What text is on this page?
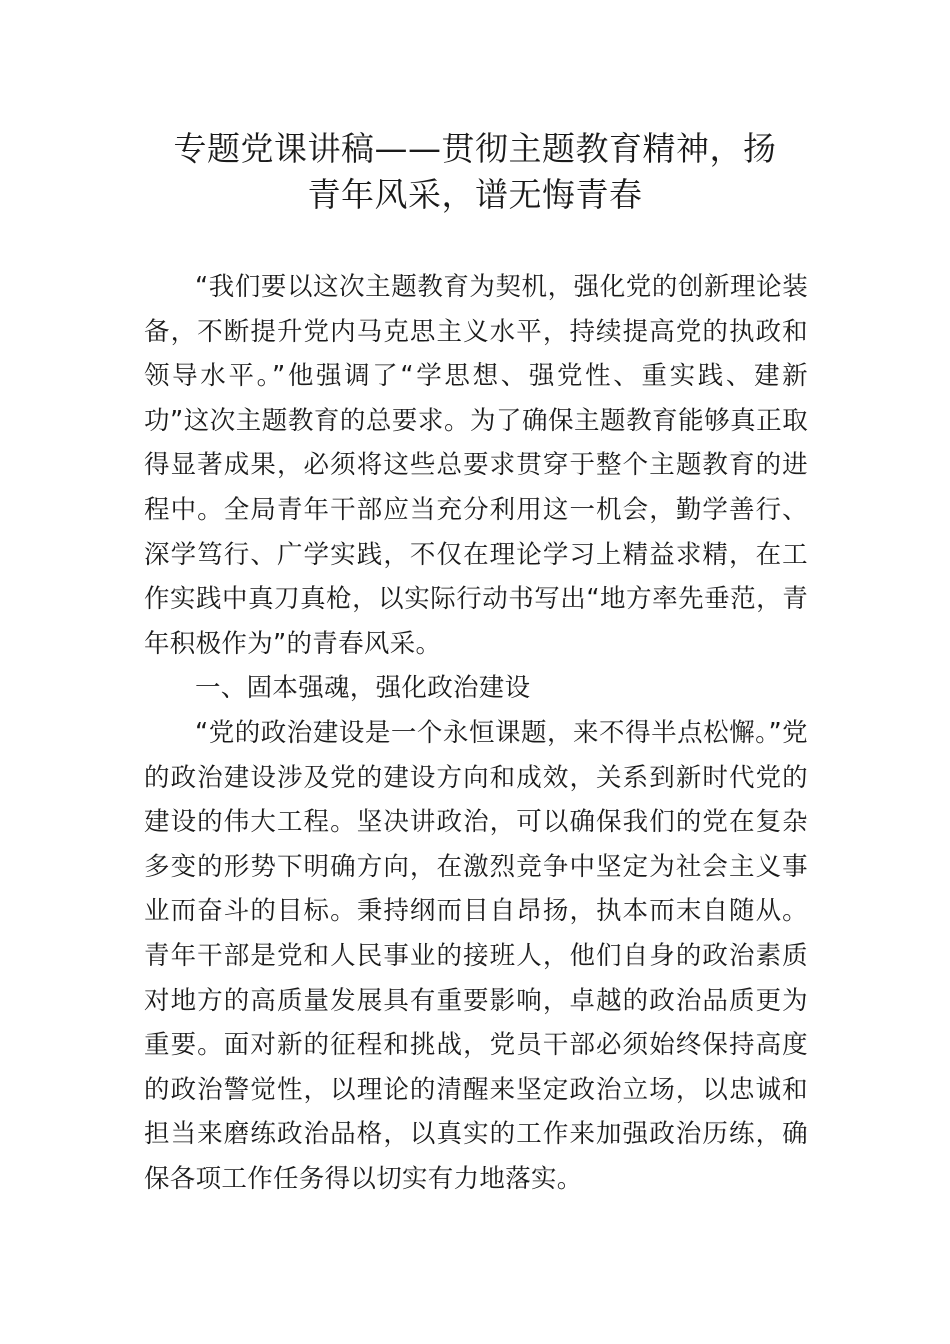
专题党课讲稿——贯彻主题教育精神，扬
青年风采，谱无悔青春

“我们要以这次主题教育为契机，强化党的创新理论装备，不断提升党内马克思主义水平，持续提高党的执政和领导水平。”他强调了“学思想、强党性、重实践、建新功”这次主题教育的总要求。为了确保主题教育能够真正取得显著成果，必须将这些总要求贯穿于整个主题教育的进程中。全局青年干部应当充分利用这一机会，勤学善行、深学笃行、广学实践，不仅在理论学习上精益求精，在工作实践中真刀真枪，以实际行动书写出“地方率先垂范，青年积极作为”的青春风采。

一、固本强魂，强化政治建设

“党的政治建设是一个永恒课题，来不得半点松懈。”党的政治建设涉及党的建设方向和成效，关系到新时代党的建设的伟大工程。坚决讲政治，可以确保我们的党在复杂多变的形势下明确方向，在激烈竞争中坚定为社会主义事业而奋斗的目标。秉持纲而目自昂扬，执本而末自随从。青年干部是党和人民事业的接班人，他们自身的政治素质对地方的高质量发展具有重要影响，卓越的政治品质更为重要。面对新的征程和挑战，党员干部必须始终保持高度的政治警觉性，以理论的清醒来坚定政治立场，以忠诚和担当来磨练政治品格，以真实的工作来加强政治历练，确保各项工作任务得以切实有力地落实。
